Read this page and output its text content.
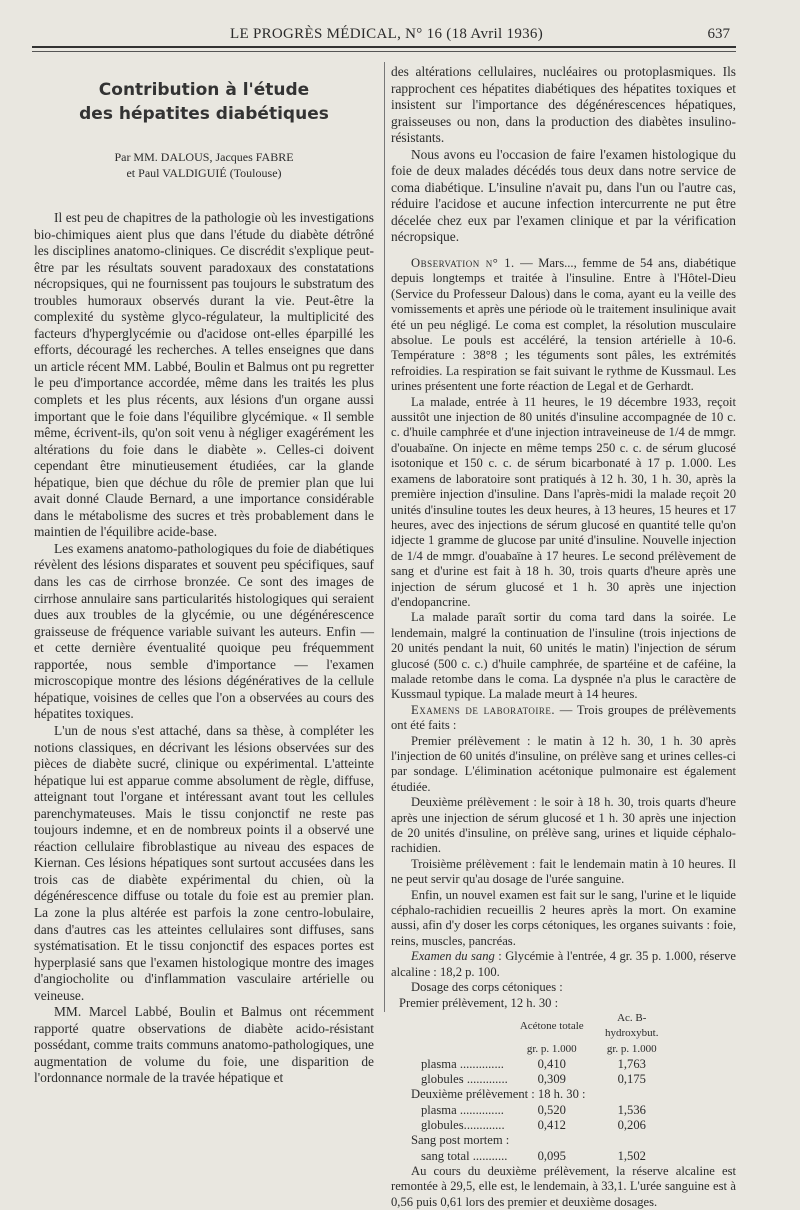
LE PROGRÈS MÉDICAL, N° 16 (18 Avril 1936)	637
Contribution à l'étude
des hépatites diabétiques
Par MM. DALOUS, Jacques FABRE
et Paul VALDIGUIÉ (Toulouse)

Il est peu de chapitres de la pathologie où les investigations bio-chimiques aient plus que dans l'étude du diabète détrôné les disciplines anatomo-cliniques. Ce discrédit s'explique peut-être par les résultats souvent paradoxaux des constatations nécropsiques, qui ne fournissent pas toujours le substratum des troubles humoraux observés durant la vie. Peut-être la complexité du système glyco-régulateur, la multiplicité des facteurs d'hyperglycémie ou d'acidose ont-elles éparpillé les efforts, découragé les recherches. A telles enseignes que dans un article récent MM. Labbé, Boulin et Balmus ont pu regretter le peu d'importance accordée, même dans les traités les plus complets et les plus récents, aux lésions d'un organe aussi important que le foie dans l'équilibre glycémique. « Il semble même, écrivent-ils, qu'on soit venu à négliger exagérément les altérations du foie dans le diabète ». Celles-ci doivent cependant être minutieusement étudiées, car la glande hépatique, bien que déchue du rôle de premier plan que lui avait donné Claude Bernard, a une importance considérable dans le métabolisme des sucres et très probablement dans le maintien de l'équilibre acide-base.

Les examens anatomo-pathologiques du foie de diabétiques révèlent des lésions disparates et souvent peu spécifiques, sauf dans les cas de cirrhose bronzée. Ce sont des images de cirrhose annulaire sans particularités histologiques qui seraient dues aux troubles de la glycémie, ou une dégénérescence graisseuse de fréquence variable suivant les auteurs. Enfin — et cette dernière éventualité quoique peu fréquemment rapportée, nous semble d'importance — l'examen microscopique montre des lésions dégénératives de la cellule hépatique, voisines de celles que l'on a observées au cours des hépatites toxiques.

L'un de nous s'est attaché, dans sa thèse, à compléter les notions classiques, en décrivant les lésions observées sur des pièces de diabète sucré, clinique ou expérimental. L'atteinte hépatique lui est apparue comme absolument de règle, diffuse, atteignant tout l'organe et intéressant avant tout les cellules parenchymateuses. Mais le tissu conjonctif ne reste pas toujours indemne, et en de nombreux points il a observé une réaction cellulaire fibroblastique au niveau des espaces de Kiernan. Ces lésions hépatiques sont surtout accusées dans les trois cas de diabète expérimental du chien, où la dégénérescence diffuse ou totale du foie est au premier plan. La zone la plus altérée est parfois la zone centro-lobulaire, dans d'autres cas les atteintes cellulaires sont diffuses, sans systématisation. Et le tissu conjonctif des espaces portes est hyperplasié sans que l'examen histologique montre des images d'angiocholite ou d'inflammation vasculaire artérielle ou veineuse.

MM. Marcel Labbé, Boulin et Balmus ont récemment rapporté quatre observations de diabète acido-résistant possédant, comme traits communs anatomo-pathologiques, une augmentation de volume du foie, une disparition de l'ordonnance normale de la travée hépatique et

des altérations cellulaires, nucléaires ou protoplasmiques. Ils rapprochent ces hépatites diabétiques des hépatites toxiques et insistent sur l'importance des dégénérescences hépatiques, graisseuses ou non, dans la production des diabètes insulino-résistants.

Nous avons eu l'occasion de faire l'examen histologique du foie de deux malades décédés tous deux dans notre service de coma diabétique. L'insuline n'avait pu, dans l'un ou l'autre cas, réduire l'acidose et aucune infection intercurrente ne put être décelée chez eux par l'examen clinique et par la vérification nécropsique.

Observation n° 1. — Mars..., femme de 54 ans, diabétique depuis longtemps et traitée à l'insuline. Entre à l'Hôtel-Dieu (Service du Professeur Dalous) dans le coma, ayant eu la veille des vomissements et après une période où le traitement insulinique avait été un peu négligé. Le coma est complet, la résolution musculaire absolue. Le pouls est accéléré, la tension artérielle à 10-6. Température : 38°8 ; les téguments sont pâles, les extrémités refroidies. La respiration se fait suivant le rythme de Kussmaul. Les urines présentent une forte réaction de Legal et de Gerhardt.

La malade, entrée à 11 heures, le 19 décembre 1933, reçoit aussitôt une injection de 80 unités d'insuline accompagnée de 10 c. c. d'huile camphrée et d'une injection intraveineuse de 1/4 de mmgr. d'ouabaïne. On injecte en même temps 250 c. c. de sérum glucosé isotonique et 150 c. c. de sérum bicarbonaté à 17 p. 1.000. Les examens de laboratoire sont pratiqués à 12 h. 30, 1 h. 30, après la première injection d'insuline. Dans l'après-midi la malade reçoit 20 unités d'insuline toutes les deux heures, à 13 heures, 15 heures et 17 heures, avec des injections de sérum glucosé en quantité telle qu'on idjecte 1 gramme de glucose par unité d'insuline. Nouvelle injection de 1/4 de mmgr. d'ouabaïne à 17 heures. Le second prélèvement de sang et d'urine est fait à 18 h. 30, trois quarts d'heure après une injection de sérum glucosé et 1 h. 30 après une injection d'endopancrine.

La malade paraît sortir du coma tard dans la soirée. Le lendemain, malgré la continuation de l'insuline (trois injections de 20 unités pendant la nuit, 60 unités le matin) l'injection de sérum glucosé (500 c. c.) d'huile camphrée, de spartéine et de caféine, la malade retombe dans le coma. La dyspnée n'a plus le caractère de Kussmaul typique. La malade meurt à 14 heures.

Examens de laboratoire. — Trois groupes de prélèvements ont été faits :

Premier prélèvement : le matin à 12 h. 30, 1 h. 30 après l'injection de 60 unités d'insuline, on prélève sang et urines celles-ci par sondage. L'élimination acétonique pulmonaire est également étudiée.

Deuxième prélèvement : le soir à 18 h. 30, trois quarts d'heure après une injection de sérum glucosé et 1 h. 30 après une injection de 20 unités d'insuline, on prélève sang, urines et liquide céphalo-rachidien.

Troisième prélèvement : fait le lendemain matin à 10 heures. Il ne peut servir qu'au dosage de l'urée sanguine.

Enfin, un nouvel examen est fait sur le sang, l'urine et le liquide céphalo-rachidien recueillis 2 heures après la mort. On examine aussi, afin d'y doser les corps cétoniques, les organes suivants : foie, reins, muscles, pancréas.

Examen du sang : Glycémie à l'entrée, 4 gr. 35 p. 1.000, réserve alcaline : 18,2 p. 100.

Dosage des corps cétoniques :

Premier prélèvement, 12 h. 30 :

	Acétone totale	Ac. B-hydroxybut.
	gr. p. 1.000	gr. p. 1.000
plasma ..............	0,410	1,763
globules .............	0,309	0,175
Deuxième prélèvement : 18 h. 30 :		
plasma ..............	0,520	1,536
globules.............	0,412	0,206
Sang post mortem :		
sang total ...........	0,095	1,502

Au cours du deuxième prélèvement, la réserve alcaline est remontée à 29,5, elle est, le lendemain, à 33,1. L'urée sanguine est à 0,56 puis 0,61 lors des premier et deuxième dosages.
